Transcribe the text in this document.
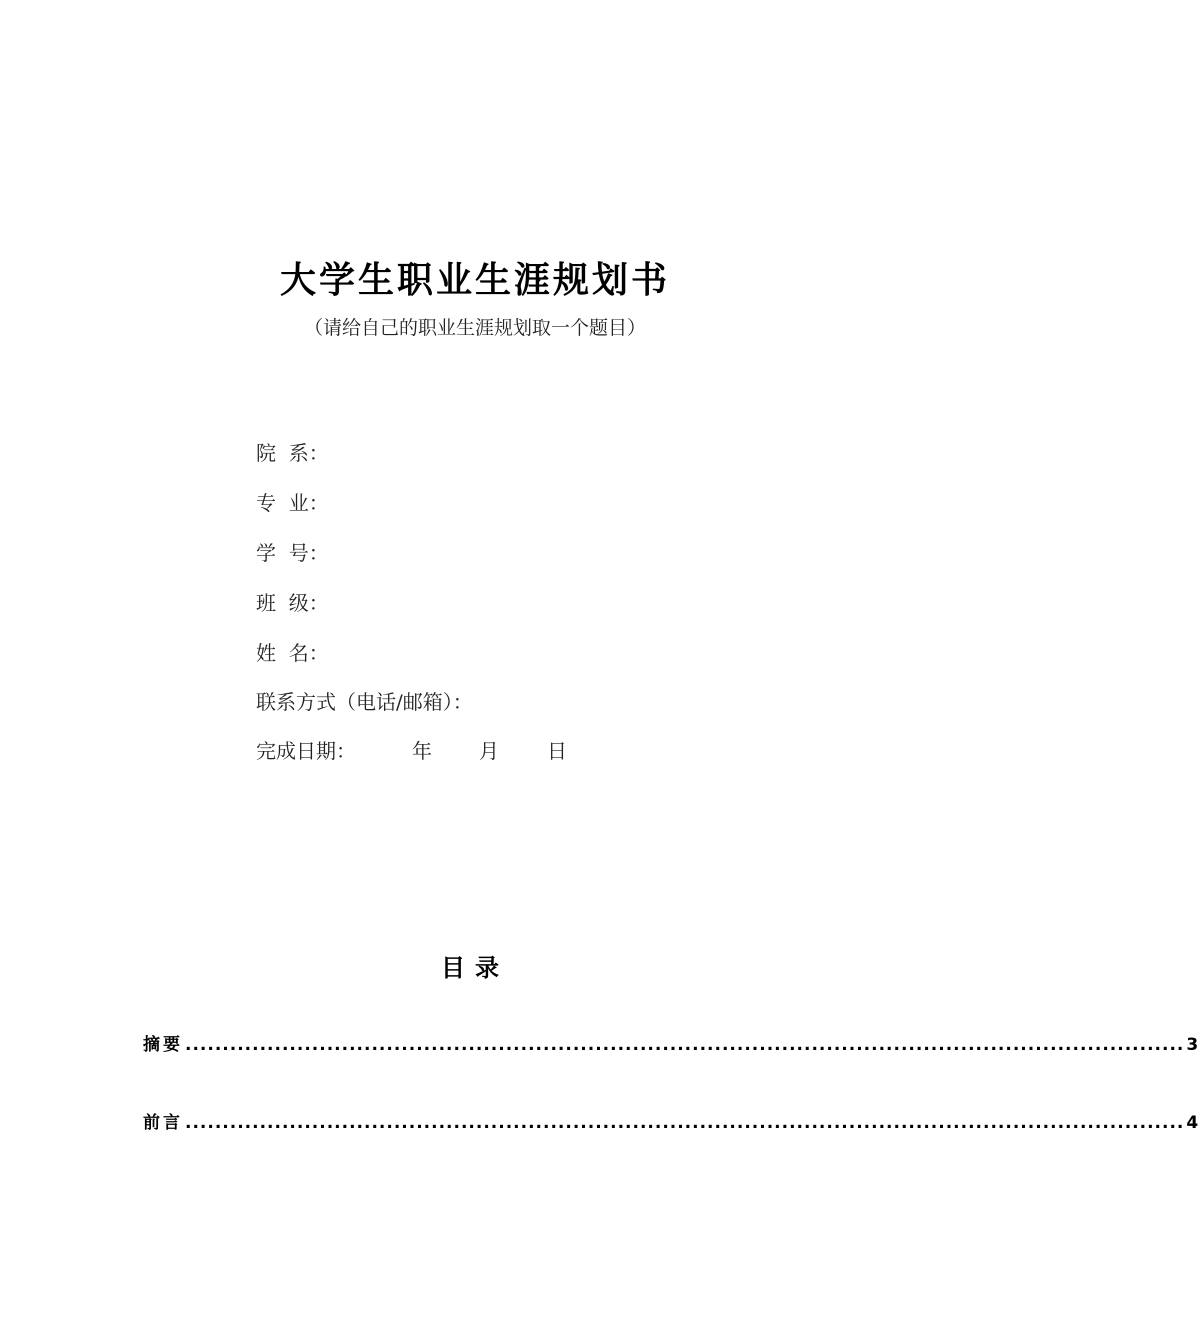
大学生职业生涯规划书
（请给自己的职业生涯规划取一个题目）
院  系：
专  业：
学  号：
班  级：
姓  名：
联系方式（电话/邮箱）：
完成日期：	年 月 日
目录
摘要 ...................................................................................................................................... 3
前言 ...................................................................................................................................... 4
